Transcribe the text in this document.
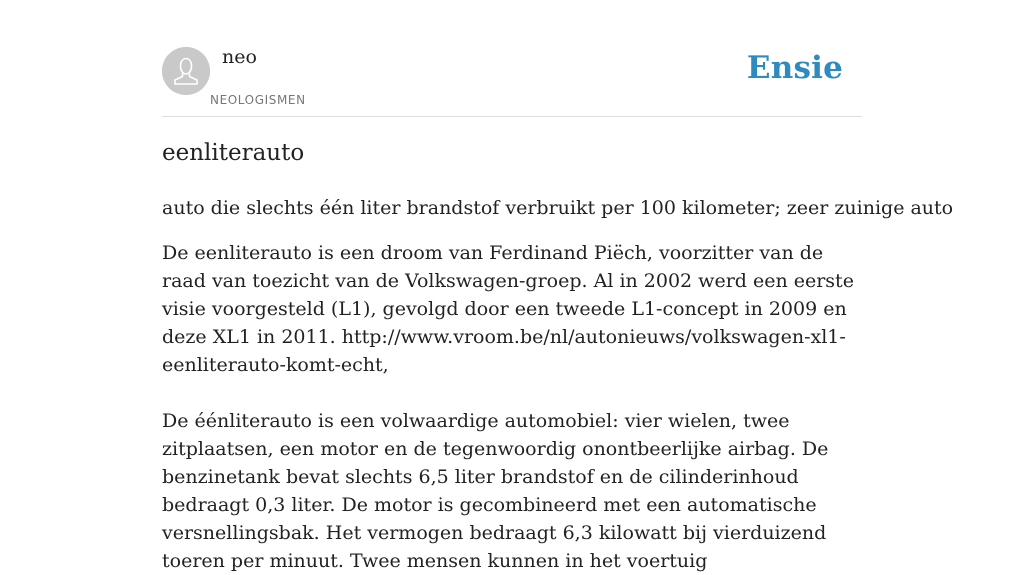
neo
NEOLOGISMEN
Ensie
eenliterauto

auto die slechts één liter brandstof verbruikt per 100 kilometer; zeer zuinige auto

De eenliterauto is een droom van Ferdinand Piëch, voorzitter van de raad van toezicht van de Volkswagen-groep. Al in 2002 werd een eerste visie voorgesteld (L1), gevolgd door een tweede L1-concept in 2009 en deze XL1 in 2011. http://www.vroom.be/nl/autonieuws/volkswagen-xl1-eenliterauto-komt-echt,

De éénliterauto is een volwaardige automobiel: vier wielen, twee zitplaatsen, een motor en de tegenwoordig onontbeerlijke airbag. De benzinetank bevat slechts 6,5 liter brandstof en de cilinderinhoud bedraagt 0,3 liter. De motor is gecombineerd met een automatische versnellingsbak. Het vermogen bedraagt 6,3 kilowatt bij vierduizend toeren per minuut. Twee mensen kunnen in het voertuig
